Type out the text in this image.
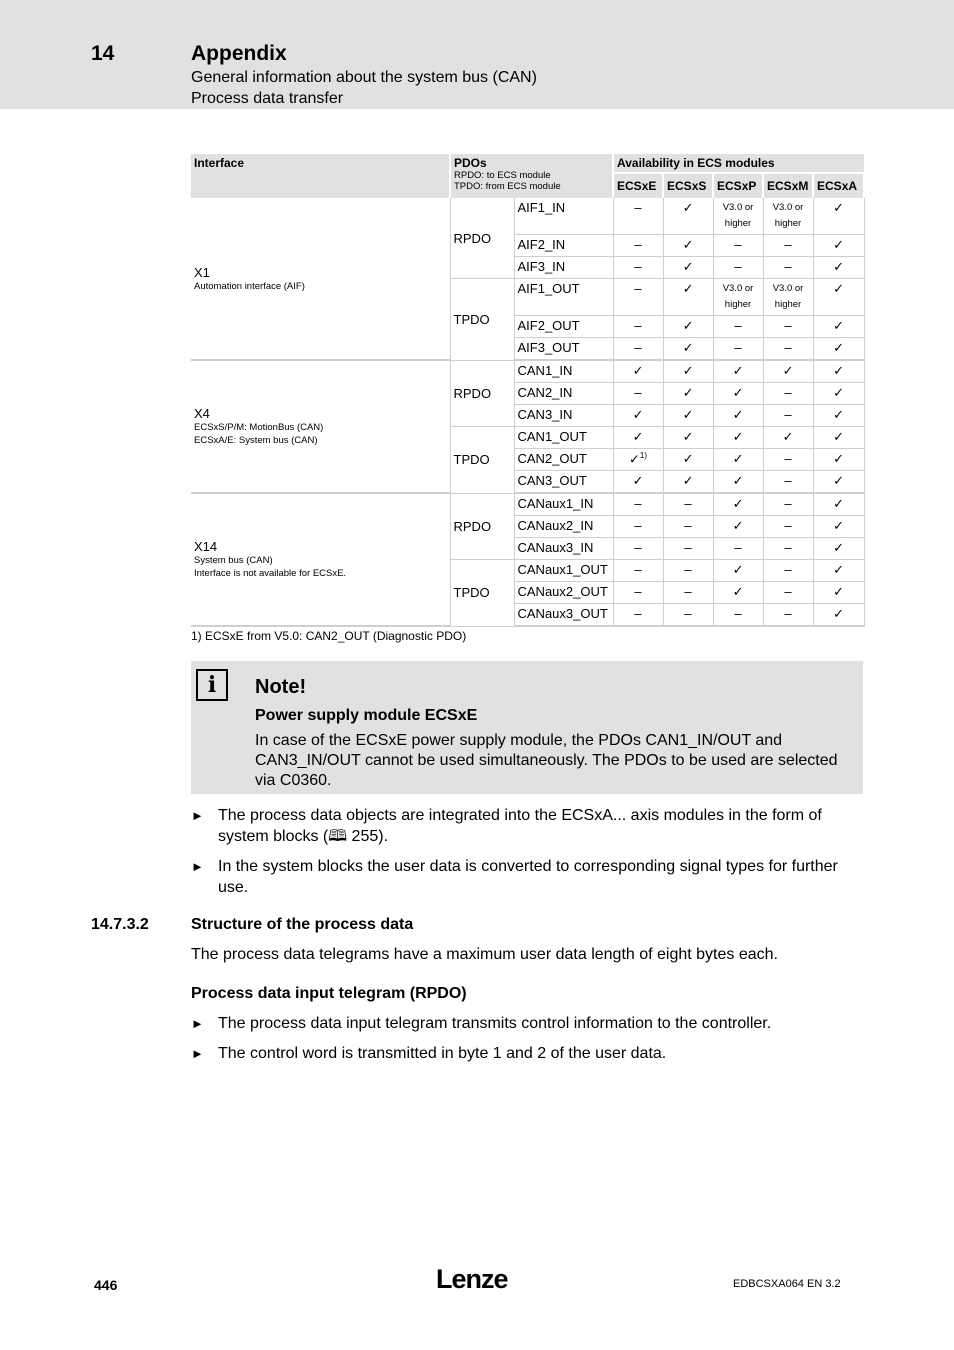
14	Appendix
General information about the system bus (CAN)
Process data transfer
Interface	PDOs
RPDO: to ECS module
TPDO: from ECS module		Availability in ECS modules				
			ECSxE	ECSxS	ECSxP	ECSxM	ECSxA

X1
Automation interface (AIF)	RPDO	AIF1_IN	–	✓	V3.0 or higher	V3.0 or higher	✓
		AIF2_IN	–	✓	–	–	✓
		AIF3_IN	–	✓	–	–	✓
	TPDO	AIF1_OUT	–	✓	V3.0 or higher	V3.0 or higher	✓
		AIF2_OUT	–	✓	–	–	✓
		AIF3_OUT	–	✓	–	–	✓

X4
ECSxS/P/M: MotionBus (CAN)
ECSxA/E: System bus (CAN)	RPDO	CAN1_IN	✓	✓	✓	✓	✓
		CAN2_IN	–	✓	✓	–	✓
		CAN3_IN	✓	✓	✓	–	✓
	TPDO	CAN1_OUT	✓	✓	✓	✓	✓
		CAN2_OUT	✓$^{1)}$	✓	✓	–	✓
		CAN3_OUT	✓	✓	✓	–	✓

X14
System bus (CAN)
Interface is not available for ECSxE.	RPDO	CANaux1_IN	–	–	✓	–	✓
		CANaux2_IN	–	–	✓	–	✓
		CANaux3_IN	–	–	–	–	✓
	TPDO	CANaux1_OUT	–	–	✓	–	✓
		CANaux2_OUT	–	–	✓	–	✓
		CANaux3_OUT	–	–	–	–	✓
1) ECSxE from V5.0: CAN2_OUT (Diagnostic PDO)
i	Note!
Power supply module ECSxE
In case of the ECSxE power supply module, the PDOs CAN1_IN/OUT and CAN3_IN/OUT cannot be used simultaneously. The PDOs to be used are selected via C0360.
► The process data objects are integrated into the ECSxA... axis modules in the form of system blocks (🕮 255).
► In the system blocks the user data is converted to corresponding signal types for further use.
14.7.3.2	Structure of the process data
The process data telegrams have a maximum user data length of eight bytes each.
Process data input telegram (RPDO)
► The process data input telegram transmits control information to the controller.
► The control word is transmitted in byte 1 and 2 of the user data.
446	Lenze	EDBCSXA064 EN 3.2
